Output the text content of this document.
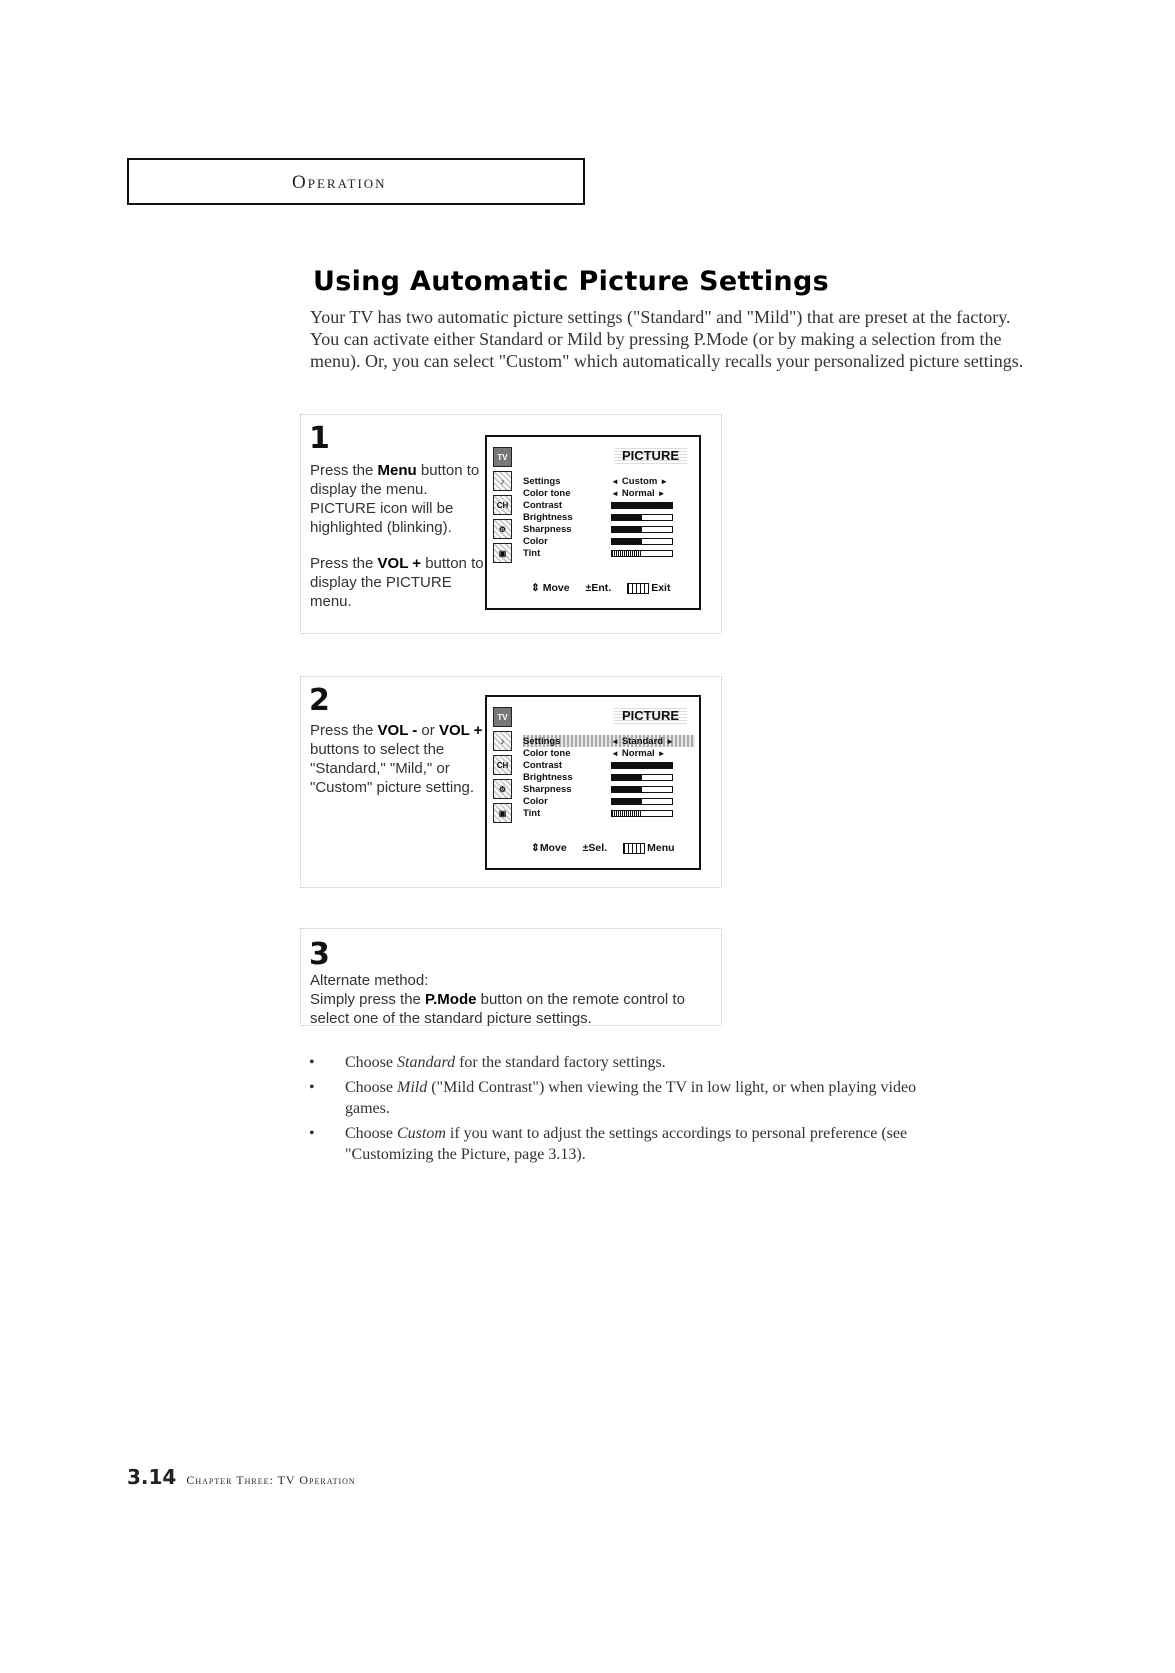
Operation
Using Automatic Picture Settings

Your TV has two automatic picture settings ("Standard" and "Mild") that are preset at the factory. You can activate either Standard or Mild by pressing P.Mode (or by making a selection from the menu). Or, you can select "Custom" which automatically recalls your personalized picture settings.

1

Press the Menu button to display the menu. PICTURE icon will be highlighted (blinking).

Press the VOL + button to display the PICTURE menu.

TV
♪
CH
⚙
▣
PICTURE
Settings	◄ Custom ►
Color tone	◄ Normal ►
Contrast
Brightness
Sharpness
Color
Tint
⇕ Move ±Ent.	Exit

2

Press the VOL - or VOL + buttons to select the "Standard," "Mild," or "Custom" picture setting.

TV
♪
CH
⚙
▣
PICTURE
Settings	◄ Standard ►
Color tone	◄ Normal ►
Contrast
Brightness
Sharpness
Color
Tint
⇕Move ±Sel.	Menu

3

Alternate method:
Simply press the P.Mode button on the remote control to select one of the standard picture settings.

• Choose Standard for the standard factory settings.
• Choose Mild ("Mild Contrast") when viewing the TV in low light, or when playing video games.
• Choose Custom if you want to adjust the settings accordings to personal preference (see "Customizing the Picture, page 3.13).
3.14 Chapter Three: TV Operation
